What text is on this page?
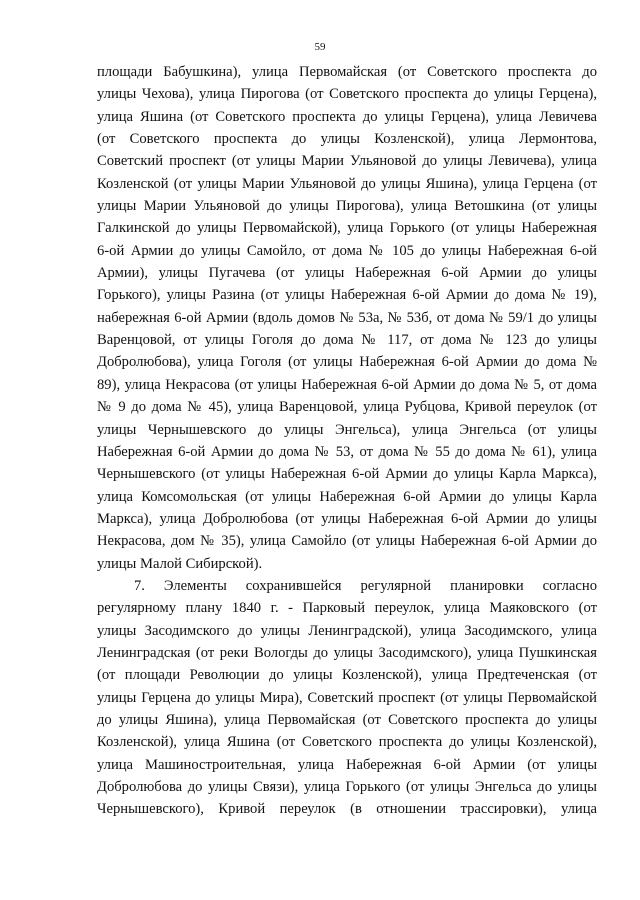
59
площади Бабушкина), улица Первомайская (от Советского проспекта до
улицы Чехова), улица Пирогова (от Советского проспекта до улицы Герцена),
улица Яшина (от Советского проспекта до улицы Герцена), улица Левичева
(от Советского проспекта до улицы Козленской), улица Лермонтова,
Советский проспект (от улицы Марии Ульяновой до улицы Левичева), улица
Козленской (от улицы Марии Ульяновой до улицы Яшина), улица Герцена (от
улицы Марии Ульяновой до улицы Пирогова), улица Ветошкина (от улицы
Галкинской до улицы Первомайской), улица Горького (от улицы Набережная
6-ой Армии до улицы Самойло, от дома № 105 до улицы Набережная 6-ой
Армии), улицы Пугачева (от улицы Набережная 6-ой Армии до улицы
Горького), улицы Разина (от улицы Набережная 6-ой Армии до дома № 19),
набережная 6-ой Армии (вдоль домов № 53а, № 53б, от дома № 59/1 до улицы
Варенцовой, от улицы Гоголя до дома № 117, от дома № 123 до улицы
Добролюбова), улица Гоголя (от улицы Набережная 6-ой Армии до дома №
89), улица Некрасова (от улицы Набережная 6-ой Армии до дома № 5, от дома
№ 9 до дома № 45), улица Варенцовой, улица Рубцова, Кривой переулок (от
улицы Чернышевского до улицы Энгельса), улица Энгельса (от улицы
Набережная 6-ой Армии до дома № 53, от дома № 55 до дома № 61), улица
Чернышевского (от улицы Набережная 6-ой Армии до улицы Карла Маркса),
улица Комсомольская (от улицы Набережная 6-ой Армии до улицы Карла
Маркса), улица Добролюбова (от улицы Набережная 6-ой Армии до улицы
Некрасова, дом № 35), улица Самойло (от улицы Набережная 6-ой Армии до
улицы Малой Сибирской).
7. Элементы сохранившейся регулярной планировки согласно
регулярному плану 1840 г. - Парковый переулок, улица Маяковского (от
улицы Засодимского до улицы Ленинградской), улица Засодимского, улица
Ленинградская (от реки Вологды до улицы Засодимского), улица Пушкинская
(от площади Революции до улицы Козленской), улица Предтеченская (от
улицы Герцена до улицы Мира), Советский проспект (от улицы Первомайской
до улицы Яшина), улица Первомайская (от Советского проспекта до улицы
Козленской), улица Яшина (от Советского проспекта до улицы Козленской),
улица Машиностроительная, улица Набережная 6-ой Армии (от улицы
Добролюбова до улицы Связи), улица Горького (от улицы Энгельса до улицы
Чернышевского), Кривой переулок (в отношении трассировки), улица
